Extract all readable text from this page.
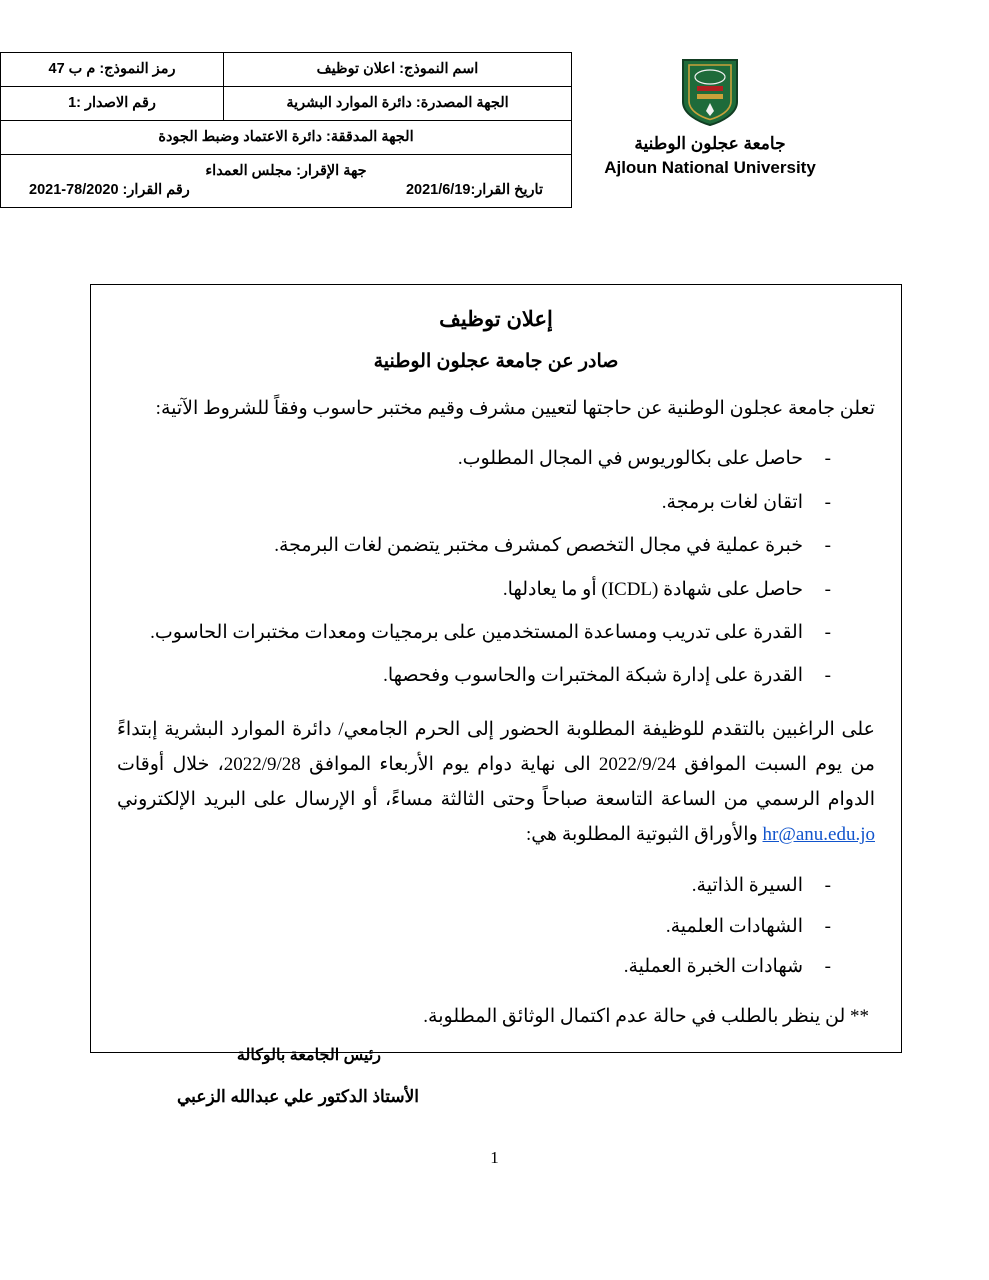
اسم النموذج: اعلان توظيف	رمز النموذج: م ب 47
الجهة المصدرة: دائرة الموارد البشرية	رقم الاصدار :1
الجهة المدققة: دائرة الاعتماد وضبط الجودة	

جهة الإقرار: مجلس العمداء
رقم القرار: 78/2020-2021 تاريخ القرار:2021/6/19	
جامعة عجلون الوطنية
Ajloun National University
إعلان توظيف
صادر عن جامعة عجلون الوطنية
تعلن جامعة عجلون الوطنية عن حاجتها لتعيين مشرف وقيم مختبر حاسوب وفقاً للشروط الآتية:
- حاصل على بكالوريوس في المجال المطلوب.
- اتقان لغات برمجة.
- خبرة عملية في مجال التخصص كمشرف مختبر يتضمن لغات البرمجة.
- حاصل على شهادة (ICDL) أو ما يعادلها.
- القدرة على تدريب ومساعدة المستخدمين على برمجيات ومعدات مختبرات الحاسوب.
- القدرة على إدارة شبكة المختبرات والحاسوب وفحصها.
على الراغبين بالتقدم للوظيفة المطلوبة الحضور إلى الحرم الجامعي/ دائرة الموارد البشرية إبتداءً من يوم السبت الموافق 2022/9/24 الى نهاية دوام يوم الأربعاء الموافق 2022/9/28، خلال أوقات الدوام الرسمي من الساعة التاسعة صباحاً وحتى الثالثة مساءً، أو الإرسال على البريد الإلكتروني hr@anu.edu.jo والأوراق الثبوتية المطلوبة هي:
- السيرة الذاتية.
- الشهادات العلمية.
- شهادات الخبرة العملية.
** لن ينظر بالطلب في حالة عدم اكتمال الوثائق المطلوبة.
رئيس الجامعة بالوكالة
الأستاذ الدكتور علي عبدالله الزعبي
1
